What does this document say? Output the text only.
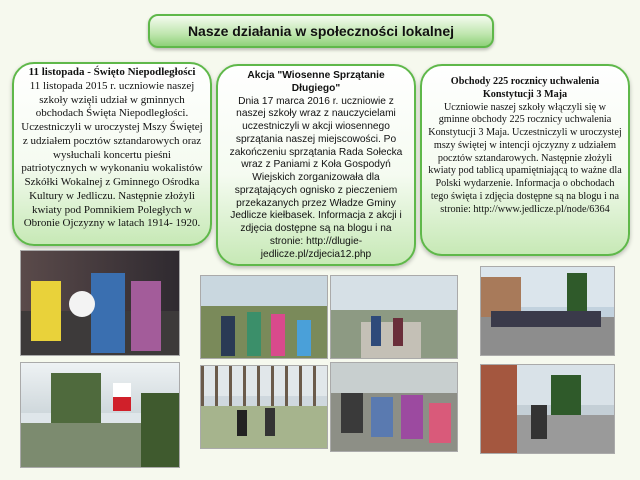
Nasze działania w społeczności lokalnej

11 listopada - Święto Niepodległości

11 listopada 2015 r. uczniowie naszej szkoły wzięli udział w gminnych obchodach Święta Niepodległości. Uczestniczyli w uroczystej Mszy Świętej z udziałem pocztów sztandarowych oraz wysłuchali koncertu pieśni patriotycznych w wykonaniu wokalistów Szkółki Wokalnej z Gminnego Ośrodka Kultury w Jedliczu. Następnie złożyli kwiaty pod Pomnikiem Poległych w Obronie Ojczyzny w latach 1914- 1920.

Akcja "Wiosenne Sprzątanie Długiego"

Dnia 17 marca 2016 r. uczniowie z naszej szkoły wraz z nauczycielami uczestniczyli w akcji wiosennego sprzątania naszej miejscowości. Po zakończeniu sprzątania Rada Sołecka wraz z Paniami z Koła Gospodyń Wiejskich zorganizowała dla sprzątających ognisko z pieczeniem przekazanych przez Władze Gminy Jedlicze kiełbasek. Informacja z akcji i zdjęcia dostępne są na blogu i na stronie: http://dlugie-jedlicze.pl/zdjecia12.php

Obchody 225 rocznicy uchwalenia Konstytucji 3 Maja

Uczniowie naszej szkoły włączyli się w gminne obchody 225 rocznicy uchwalenia Konstytucji 3 Maja. Uczestniczyli w uroczystej mszy świętej w intencji ojczyzny z udziałem pocztów sztandarowych. Następnie złożyli kwiaty pod tablicą upamiętniającą to ważne dla Polski wydarzenie. Informacja o obchodach tego święta i zdjęcia dostępne są na blogu i na stronie: http://www.jedlicze.pl/node/6364
